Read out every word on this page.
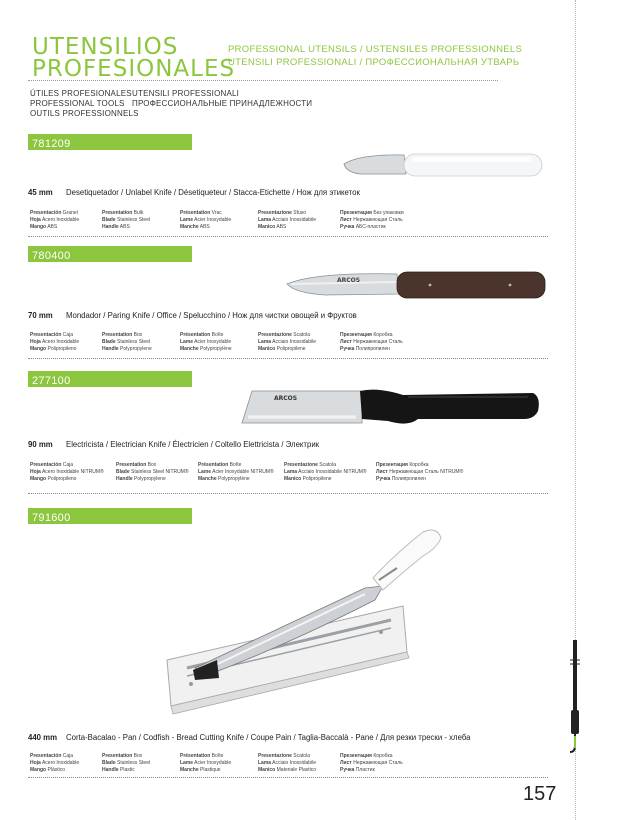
UTENSILIOS
PROFESIONALES
PROFESSIONAL UTENSILS / USTENSILES PROFESSIONNELS
UTENSILI PROFESSIONALI / ПРОФЕССИОНАЛЬНАЯ УТВАРЬ
ÚTILES PROFESIONALES
PROFESSIONAL TOOLS
OUTILS PROFESSIONNELS
UTENSILI PROFESSIONALI
ПРОФЕССИОНАЛЬНЫЕ ПРИНАДЛЕЖНОСТИ
781209
45 mm Desetiquetador / Unlabel Knife / Désetiqueteur / Stacca-Etichette / Нож для этикеток
Presentación Granel
Hoja Acero Inoxidable
Mango ABS
Presentation Bulk
Blade Stainless Steel
Handle ABS
Présentation Vrac
Lame Acier Inoxydable
Manche ABS
Presentazione Sfuso
Lama Acciaio Inossidabile
Manico ABS
Презентация Без упаковки
Лист Нержавеющая Сталь
Ручка АБС-пластик
780400
ARCOS
70 mm Mondador / Paring Knife / Office / Spelucchino / Нож для чистки овощей и Фруктов
Presentación Caja
Hoja Acero Inoxidable
Mango Polipropileno
Presentation Box
Blade Stainless Steel
Handle Polypropylene
Présentation Boîte
Lame Acier Inoxydable
Manche Polypropylène
Presentazione Scatola
Lama Acciaio Inossidabile
Manico Polipropilene
Презентация Коробка
Лист Нержавеющая Сталь
Ручка Полипропилен
277100
ARCOS
90 mm Electricista / Electrician Knife / Électricien / Coltello Elettricista / Электрик
Presentación Caja
Hoja Acero Inoxidable NITRUM®
Mango Polipropileno
Presentation Box
Blade Stainless Steel NITRUM®
Handle Polypropylene
Présentation Boîte
Lame Acier Inoxydable NITRUM®
Manche Polypropylène
Presentazione Scatola
Lama Acciaio Inossidabile NITRUM®
Manico Polipropilene
Презентация Коробка
Лист Нержавеющая Сталь NITRUM®
Ручка Полипропилен
791600
440 mm Corta-Bacalao - Pan / Codfish - Bread Cutting Knife / Coupe Pain / Taglia-Baccalà - Pane / Для резки трески - хлеба
Presentación Caja
Hoja Acero Inoxidable
Mango Plástico
Presentation Box
Blade Stainless Steel
Handle Plastic
Présentation Boîte
Lame Acier Inoxydable
Manche Plastique
Presentazione Scatola
Lama Acciaio Inossidabile
Manico Materiale Plastico
Презентация Коробка
Лист Нержавеющая Сталь
Ручка Пластик
157
